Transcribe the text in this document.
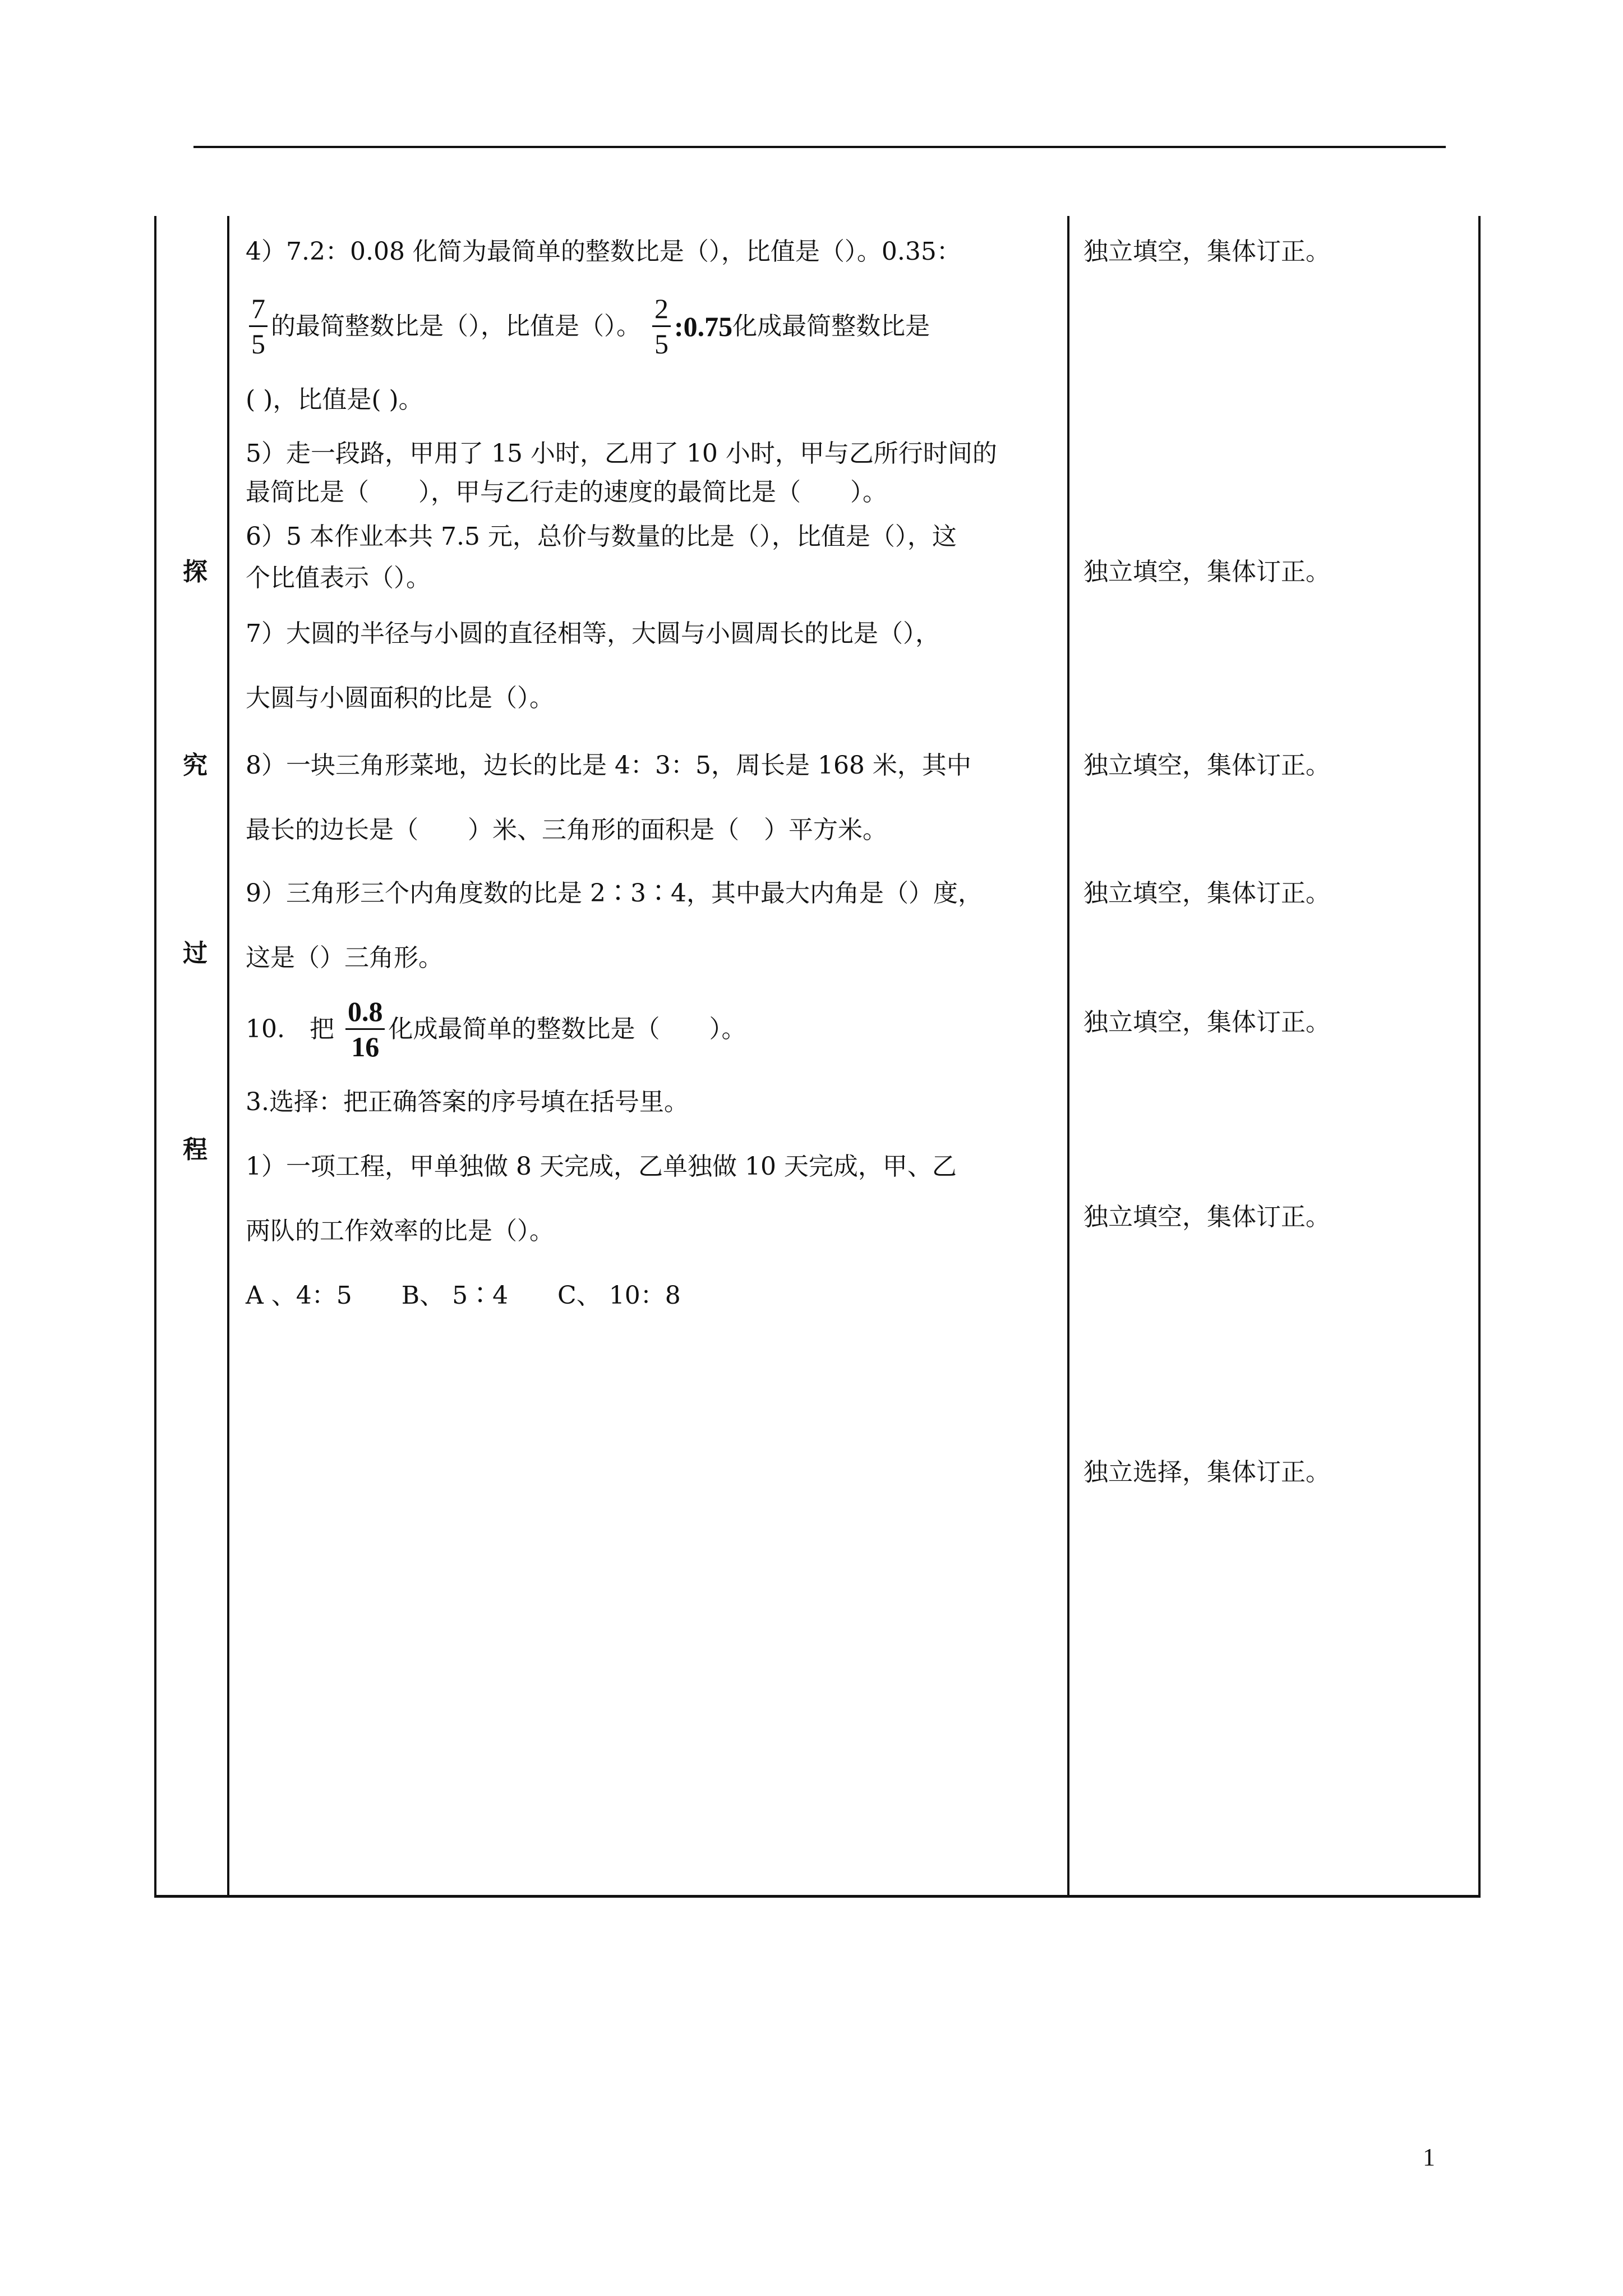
探
究
过
程
4）7.2：0.08 化简为最简单的整数比是（），比值是（）。0.35：
$\frac{7}{5}$ 的最简整数比是（），比值是（）。 $\frac{2}{5}$ :0.75化成最简整数比是
( )，比值是( )。
5）走一段路，甲用了 15 小时，乙用了 10 小时，甲与乙所行时间的
最简比是（　　），甲与乙行走的速度的最简比是（　　）。
6）5 本作业本共 7.5 元，总价与数量的比是（），比值是（），这
个比值表示（）。
7）大圆的半径与小圆的直径相等，大圆与小圆周长的比是（），
大圆与小圆面积的比是（）。
8）一块三角形菜地，边长的比是 4：3：5，周长是 168 米，其中
最长的边长是（　　）米、三角形的面积是（　）平方米。
9）三角形三个内角度数的比是 2∶3∶4，其中最大内角是（）度，
这是（）三角形。
10.　把 $\frac{0.8}{16}$ 化成最简单的整数比是（　　）。
3.选择：把正确答案的序号填在括号里。
1）一项工程，甲单独做 8 天完成，乙单独做 10 天完成，甲、乙
两队的工作效率的比是（）。
A 、4：5　　B、 5∶4　　C、 10：8
独立填空，集体订正。
独立填空，集体订正。
独立填空，集体订正。
独立填空，集体订正。
独立填空，集体订正。
独立填空，集体订正。
独立选择，集体订正。
1
